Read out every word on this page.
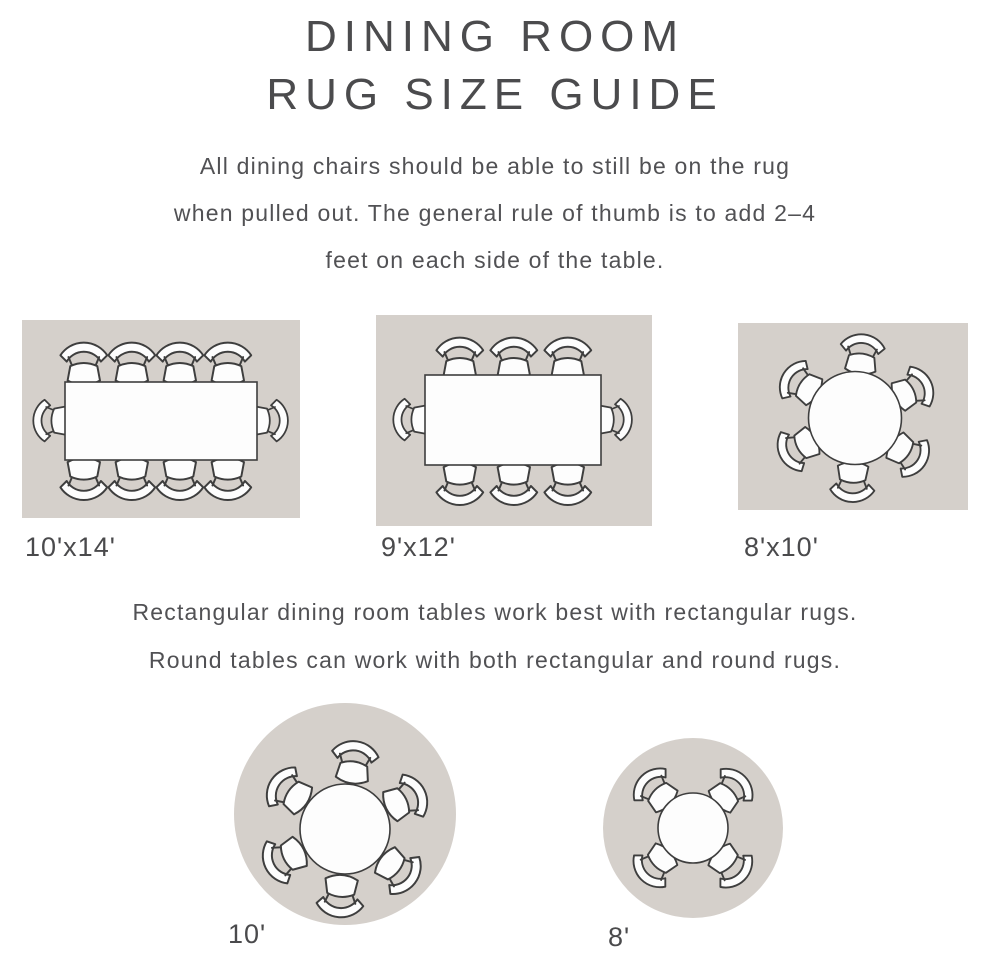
DINING ROOM
RUG SIZE GUIDE

All dining chairs should be able to still be on the rug
when pulled out. The general rule of thumb is to add 2–4
feet on each side of the table.

10'x14'	9'x12'	8'x10'

Rectangular dining room tables work best with rectangular rugs.
Round tables can work with both rectangular and round rugs.

10'	8'
